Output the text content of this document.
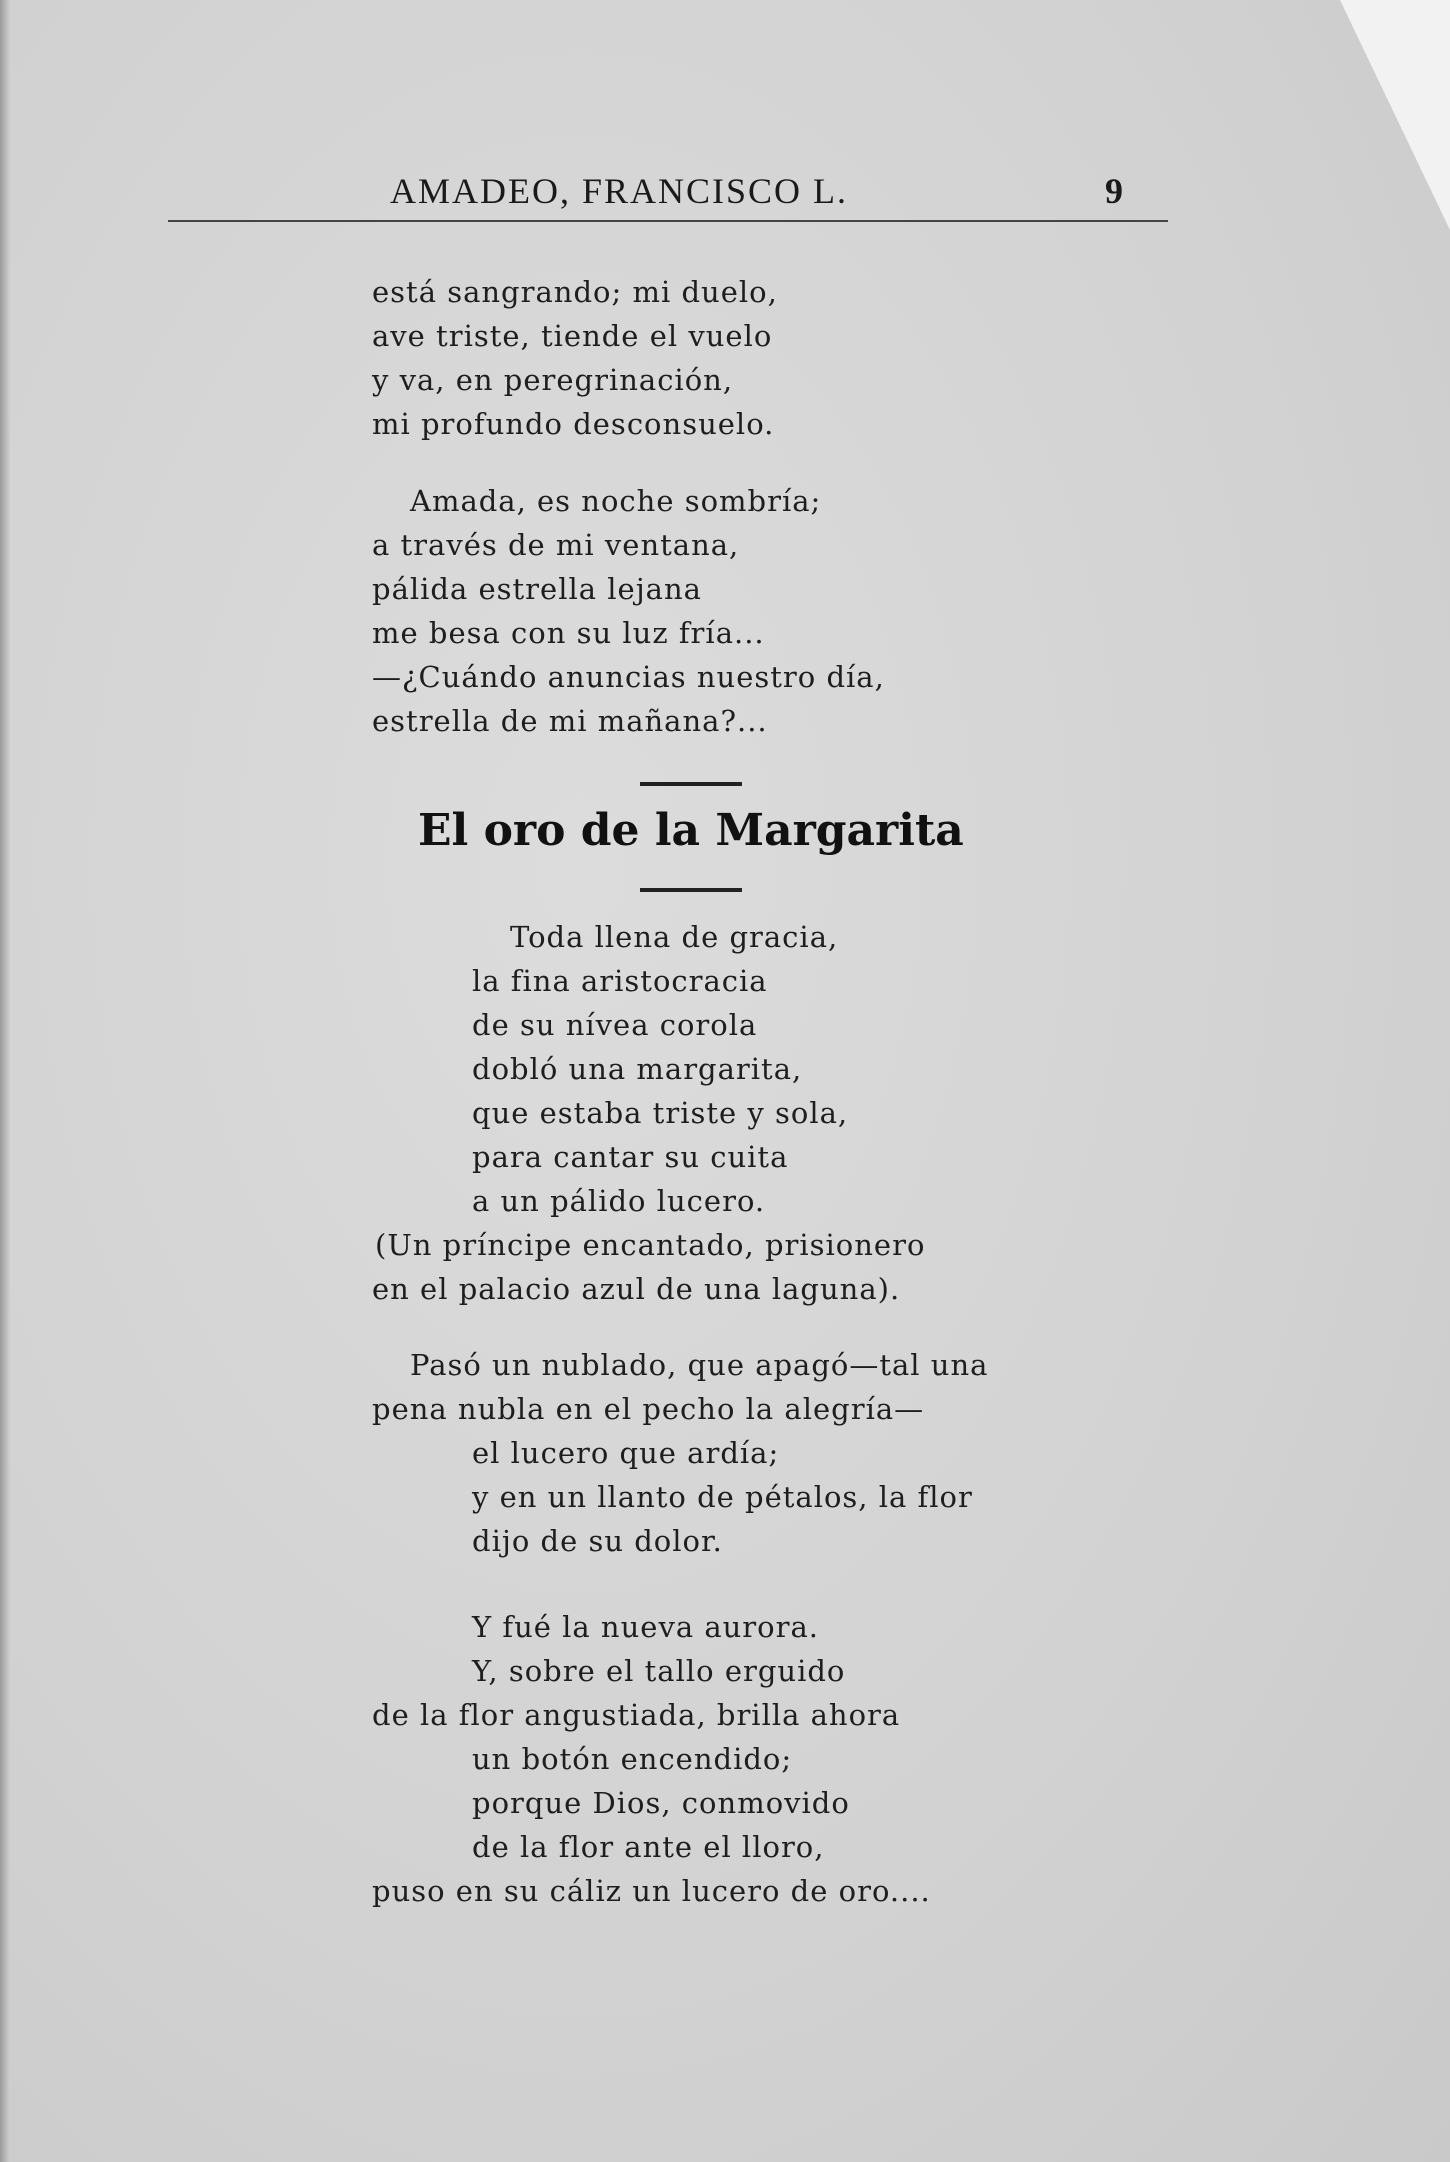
AMADEO, FRANCISCO L.	9
está sangrando; mi duelo,
ave triste, tiende el vuelo
y va, en peregrinación,
mi profundo desconsuelo.
Amada, es noche sombría;
a través de mi ventana,
pálida estrella lejana
me besa con su luz fría...
—¿Cuándo anuncias nuestro día,
estrella de mi mañana?...
El oro de la Margarita
Toda llena de gracia,
la fina aristocracia
de su nívea corola
dobló una margarita,
que estaba triste y sola,
para cantar su cuita
a un pálido lucero.
(Un príncipe encantado, prisionero
en el palacio azul de una laguna).
Pasó un nublado, que apagó—tal una
pena nubla en el pecho la alegría—
el lucero que ardía;
y en un llanto de pétalos, la flor
dijo de su dolor.
Y fué la nueva aurora.
Y, sobre el tallo erguido
de la flor angustiada, brilla ahora
un botón encendido;
porque Dios, conmovido
de la flor ante el lloro,
puso en su cáliz un lucero de oro....
